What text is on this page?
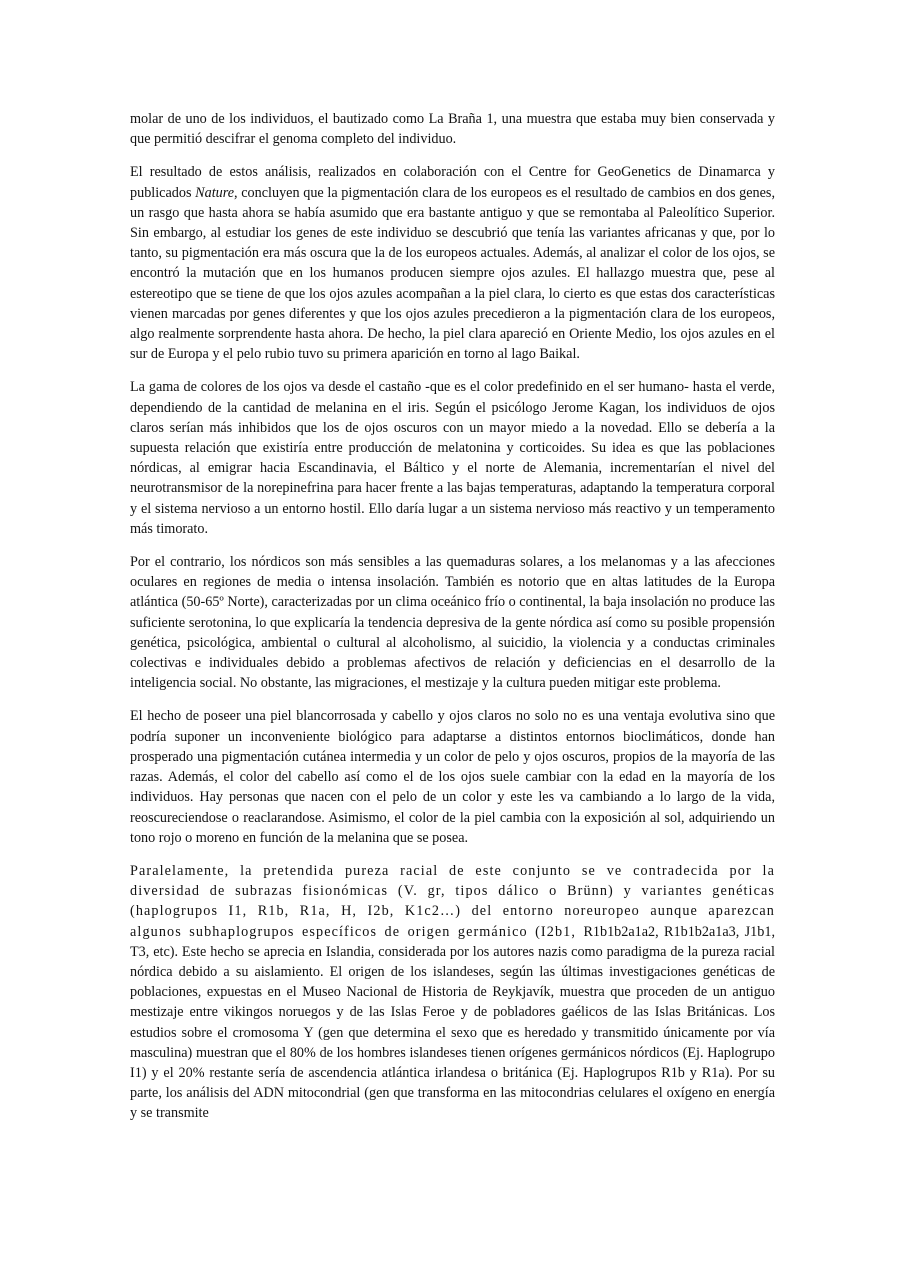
molar de uno de los individuos, el bautizado como La Braña 1, una muestra que estaba muy bien conservada y que permitió descifrar el genoma completo del individuo.

El resultado de estos análisis, realizados en colaboración con el Centre for GeoGenetics de Dinamarca y publicados Nature, concluyen que la pigmentación clara de los europeos es el resultado de cambios en dos genes, un rasgo que hasta ahora se había asumido que era bastante antiguo y que se remontaba al Paleolítico Superior. Sin embargo, al estudiar los genes de este individuo se descubrió que tenía las variantes africanas y que, por lo tanto, su pigmentación era más oscura que la de los europeos actuales. Además, al analizar el color de los ojos, se encontró la mutación que en los humanos producen siempre ojos azules. El hallazgo muestra que, pese al estereotipo que se tiene de que los ojos azules acompañan a la piel clara, lo cierto es que estas dos características vienen marcadas por genes diferentes y que los ojos azules precedieron a la pigmentación clara de los europeos, algo realmente sorprendente hasta ahora. De hecho, la piel clara apareció en Oriente Medio, los ojos azules en el sur de Europa y el pelo rubio tuvo su primera aparición en torno al lago Baikal.

La gama de colores de los ojos va desde el castaño -que es el color predefinido en el ser humano- hasta el verde, dependiendo de la cantidad de melanina en el iris. Según el psicólogo Jerome Kagan, los individuos de ojos claros serían más inhibidos que los de ojos oscuros con un mayor miedo a la novedad. Ello se debería a la supuesta relación que existiría entre producción de melatonina y corticoides. Su idea es que las poblaciones nórdicas, al emigrar hacia Escandinavia, el Báltico y el norte de Alemania, incrementarían el nivel del neurotransmisor de la norepinefrina para hacer frente a las bajas temperaturas, adaptando la temperatura corporal y el sistema nervioso a un entorno hostil. Ello daría lugar a un sistema nervioso más reactivo y un temperamento más timorato.

Por el contrario, los nórdicos son más sensibles a las quemaduras solares, a los melanomas y a las afecciones oculares en regiones de media o intensa insolación. También es notorio que en altas latitudes de la Europa atlántica (50-65º Norte), caracterizadas por un clima oceánico frío o continental, la baja insolación no produce las suficiente serotonina, lo que explicaría la tendencia depresiva de la gente nórdica así como su posible propensión genética, psicológica, ambiental o cultural al alcoholismo, al suicidio, la violencia y a conductas criminales colectivas e individuales debido a problemas afectivos de relación y deficiencias en el desarrollo de la inteligencia social. No obstante, las migraciones, el mestizaje y la cultura pueden mitigar este problema.

El hecho de poseer una piel blancorrosada y cabello y ojos claros no solo no es una ventaja evolutiva sino que podría suponer un inconveniente biológico para adaptarse a distintos entornos bioclimáticos, donde han prosperado una pigmentación cutánea intermedia y un color de pelo y ojos oscuros, propios de la mayoría de las razas. Además, el color del cabello así como el de los ojos suele cambiar con la edad en la mayoría de los individuos. Hay personas que nacen con el pelo de un color y este les va cambiando a lo largo de la vida, reoscureciendose o reaclarandose. Asimismo, el color de la piel cambia con la exposición al sol, adquiriendo un tono rojo o moreno en función de la melanina que se posea.

Paralelamente, la pretendida pureza racial de este conjunto se ve contradecida por la diversidad de subrazas fisionómicas (V. gr, tipos dálico o Brünn) y variantes genéticas (haplogrupos I1, R1b, R1a, H, I2b, K1c2…) del entorno noreuropeo aunque aparezcan algunos subhaplogrupos específicos de origen germánico (I2b1, R1b1b2a1a2, R1b1b2a1a3, J1b1, T3, etc). Este hecho se aprecia en Islandia, considerada por los autores nazis como paradigma de la pureza racial nórdica debido a su aislamiento. El origen de los islandeses, según las últimas investigaciones genéticas de poblaciones, expuestas en el Museo Nacional de Historia de Reykjavík, muestra que proceden de un antiguo mestizaje entre vikingos noruegos y de las Islas Feroe y de pobladores gaélicos de las Islas Británicas. Los estudios sobre el cromosoma Y (gen que determina el sexo que es heredado y transmitido únicamente por vía masculina) muestran que el 80% de los hombres islandeses tienen orígenes germánicos nórdicos (Ej. Haplogrupo I1) y el 20% restante sería de ascendencia atlántica irlandesa o británica (Ej. Haplogrupos R1b y R1a). Por su parte, los análisis del ADN mitocondrial (gen que transforma en las mitocondrias celulares el oxígeno en energía y se transmite
